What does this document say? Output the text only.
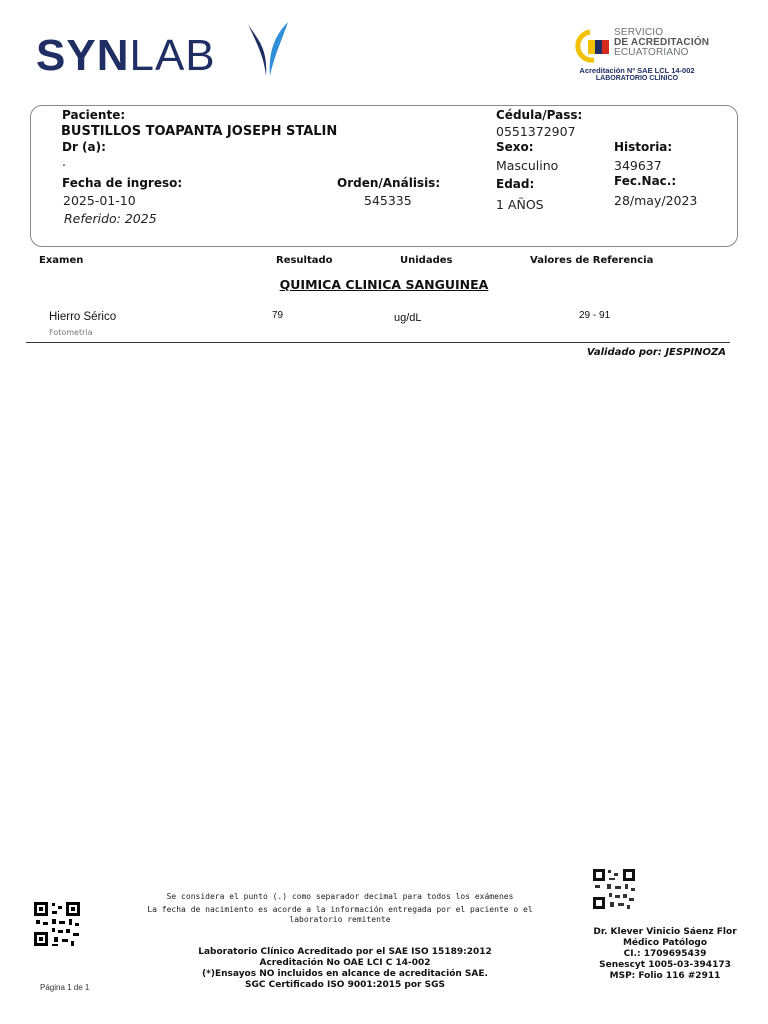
SYNLAB	SERVICIO
DE ACREDITACIÓN
ECUATORIANO
Acreditación Nº SAE LCL 14-002
LABORATORIO CLÍNICO
Paciente:
BUSTILLOS TOAPANTA JOSEPH STALIN
Dr (a):
.
Fecha de ingreso:
2025-01-10
Referido: 2025
Orden/Análisis:
545335
Cédula/Pass:
0551372907
Sexo:
Masculino
Edad:
1 AÑOS
Historia:
349637
Fec.Nac.:
28/may/2023
Examen	Resultado	Unidades	Valores de Referencia
QUIMICA CLINICA SANGUINEA
Hierro Sérico
Fotometria
79	ug/dL	29 - 91
Validado por: JESPINOZA
Se considera el punto (.) como separador decimal para todos los exámenes
La fecha de nacimiento es acorde a la información entregada por el paciente o el laboratorio remitente
Laboratorio Clínico Acreditado por el SAE ISO 15189:2012
Acreditación No OAE LCI C 14-002
(*)Ensayos NO incluidos en alcance de acreditación SAE.
SGC Certificado ISO 9001:2015 por SGS
Dr. Klever Vinicio Sáenz Flor
Médico Patólogo
CI.: 1709695439
Senescyt 1005-03-394173
MSP: Folio 116 #2911
Página 1 de 1
